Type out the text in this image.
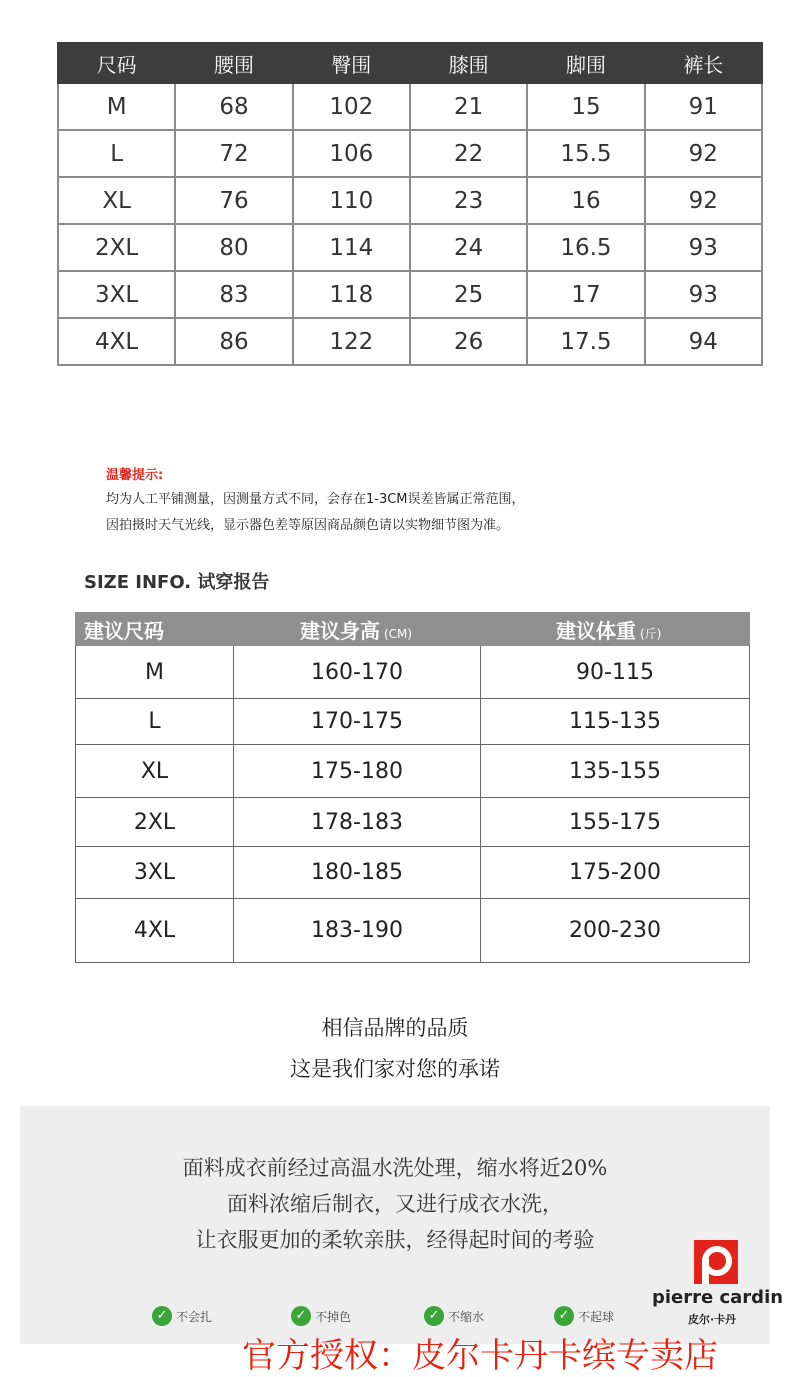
尺码	腰围	臀围	膝围	脚围	裤长
M	68	102	21	15	91
L	72	106	22	15.5	92
XL	76	110	23	16	92
2XL	80	114	24	16.5	93
3XL	83	118	25	17	93
4XL	86	122	26	17.5	94
温馨提示:
均为人工平铺测量，因测量方式不同，会存在1-3CM误差皆属正常范围，
因拍摄时天气光线，显示器色差等原因商品颜色请以实物细节图为准。
SIZE INFO. 试穿报告
建议尺码	建议身高 (CM)	建议体重 (斤)
M	160-170	90-115
L	170-175	115-135
XL	175-180	135-155
2XL	178-183	155-175
3XL	180-185	175-200
4XL	183-190	200-230
相信品牌的品质
这是我们家对您的承诺
面料成衣前经过高温水洗处理，缩水将近20%
面料浓缩后制衣，又进行成衣水洗，
让衣服更加的柔软亲肤，经得起时间的考验
✓ 不会扎	✓ 不掉色	✓ 不缩水	✓ 不起球
pierre cardin
皮尔·卡丹
官方授权：皮尔卡丹卡缤专卖店
